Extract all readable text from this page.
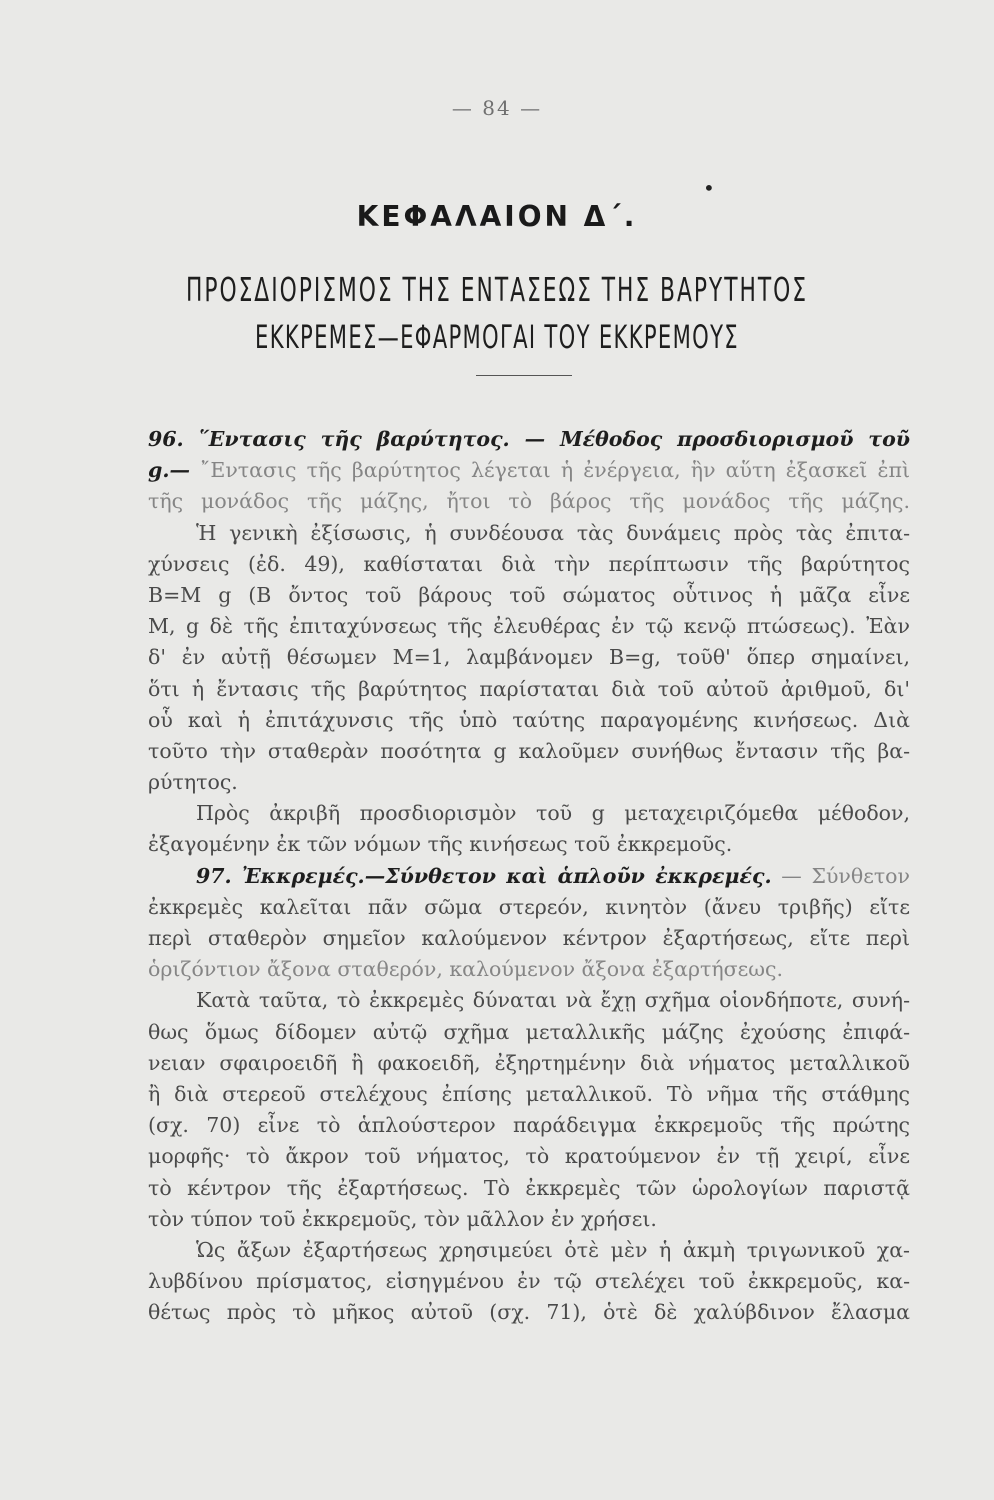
— 84 —
•
ΚΕΦΑΛΑΙΟΝ Δ΄.
ΠΡΟΣΔΙΟΡΙΣΜΟΣ ΤΗΣ ΕΝΤΑΣΕΩΣ ΤΗΣ ΒΑΡΥΤΗΤΟΣ
ΕΚΚΡΕΜΕΣ—ΕΦΑΡΜΟΓΑΙ ΤΟΥ ΕΚΚΡΕΜΟΥΣ
96. ῞Εντασις τῆς βαρύτητος. — Μέθοδος προσδιορισμοῦ τοῦ
g.— ῎Εντασις τῆς βαρύτητος λέγεται ἡ ἐνέργεια, ἣν αὕτη ἐξασκεῖ ἐπὶ
τῆς μονάδος τῆς μάζης, ἤτοι τὸ βάρος τῆς μονάδος τῆς μάζης.
Ἡ γενικὴ ἐξίσωσις, ἡ συνδέουσα τὰς δυνάμεις πρὸς τὰς ἐπιτα-
χύνσεις (ἐδ. 49), καθίσταται διὰ τὴν περίπτωσιν τῆς βαρύτητος
B=M g (B ὄντος τοῦ βάρους τοῦ σώματος οὗτινος ἡ μᾶζα εἶνε
M, g δὲ τῆς ἐπιταχύνσεως τῆς ἐλευθέρας ἐν τῷ κενῷ πτώσεως). Ἐὰν
δ' ἐν αὐτῇ θέσωμεν M=1, λαμβάνομεν B=g, τοῦθ' ὅπερ σημαίνει,
ὅτι ἡ ἔντασις τῆς βαρύτητος παρίσταται διὰ τοῦ αὐτοῦ ἀριθμοῦ, δι'
οὗ καὶ ἡ ἐπιτάχυνσις τῆς ὑπὸ ταύτης παραγομένης κινήσεως. Διὰ
τοῦτο τὴν σταθερὰν ποσότητα g καλοῦμεν συνήθως ἔντασιν τῆς βα-
ρύτητος.
Πρὸς ἀκριβῆ προσδιορισμὸν τοῦ g μεταχειριζόμεθα μέθοδον,
ἐξαγομένην ἐκ τῶν νόμων τῆς κινήσεως τοῦ ἐκκρεμοῦς.
97. Ἐκκρεμές.—Σύνθετον καὶ ἁπλοῦν ἐκκρεμές. — Σύνθετον
ἐκκρεμὲς καλεῖται πᾶν σῶμα στερεόν, κινητὸν (ἄνευ τριβῆς) εἴτε
περὶ σταθερὸν σημεῖον καλούμενον κέντρον ἐξαρτήσεως, εἴτε περὶ
ὁριζόντιον ἄξονα σταθερόν, καλούμενον ἄξονα ἐξαρτήσεως.
Κατὰ ταῦτα, τὸ ἐκκρεμὲς δύναται νὰ ἔχῃ σχῆμα οἱονδήποτε, συνή-
θως ὅμως δίδομεν αὐτῷ σχῆμα μεταλλικῆς μάζης ἐχούσης ἐπιφά-
νειαν σφαιροειδῆ ἢ φακοειδῆ, ἐξηρτημένην διὰ νήματος μεταλλικοῦ
ἢ διὰ στερεοῦ στελέχους ἐπίσης μεταλλικοῦ. Τὸ νῆμα τῆς στάθμης
(σχ. 70) εἶνε τὸ ἁπλούστερον παράδειγμα ἐκκρεμοῦς τῆς πρώτης
μορφῆς· τὸ ἄκρον τοῦ νήματος, τὸ κρατούμενον ἐν τῇ χειρί, εἶνε
τὸ κέντρον τῆς ἐξαρτήσεως. Τὸ ἐκκρεμὲς τῶν ὡρολογίων παριστᾷ
τὸν τύπον τοῦ ἐκκρεμοῦς, τὸν μᾶλλον ἐν χρήσει.
Ὡς ἄξων ἐξαρτήσεως χρησιμεύει ὁτὲ μὲν ἡ ἀκμὴ τριγωνικοῦ χα-
λυβδίνου πρίσματος, εἰσηγμένου ἐν τῷ στελέχει τοῦ ἐκκρεμοῦς, κα-
θέτως πρὸς τὸ μῆκος αὐτοῦ (σχ. 71), ὁτὲ δὲ χαλύβδινον ἔλασμα
